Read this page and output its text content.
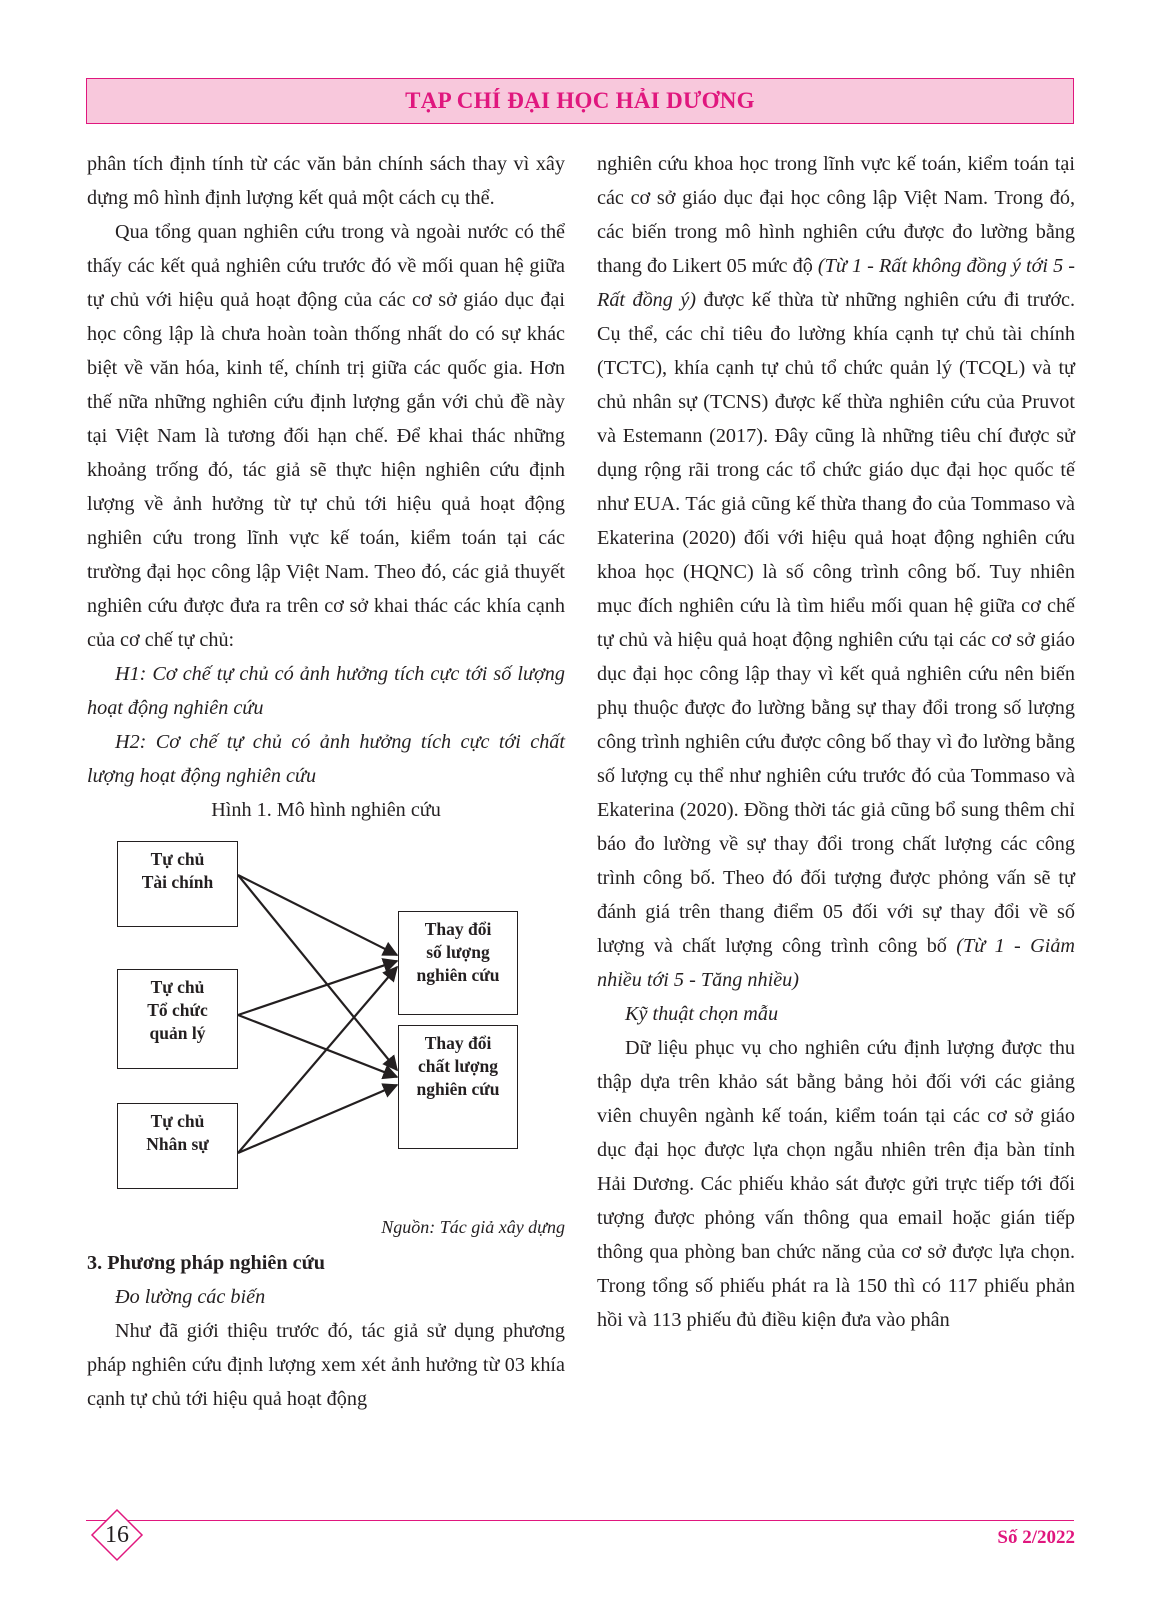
TẠP CHÍ ĐẠI HỌC HẢI DƯƠNG

phân tích định tính từ các văn bản chính sách thay vì xây dựng mô hình định lượng kết quả một cách cụ thể.

Qua tổng quan nghiên cứu trong và ngoài nước có thể thấy các kết quả nghiên cứu trước đó về mối quan hệ giữa tự chủ với hiệu quả hoạt động của các cơ sở giáo dục đại học công lập là chưa hoàn toàn thống nhất do có sự khác biệt về văn hóa, kinh tế, chính trị giữa các quốc gia. Hơn thế nữa những nghiên cứu định lượng gắn với chủ đề này tại Việt Nam là tương đối hạn chế. Để khai thác những khoảng trống đó, tác giả sẽ thực hiện nghiên cứu định lượng về ảnh hưởng từ tự chủ tới hiệu quả hoạt động nghiên cứu trong lĩnh vực kế toán, kiểm toán tại các trường đại học công lập Việt Nam. Theo đó, các giả thuyết nghiên cứu được đưa ra trên cơ sở khai thác các khía cạnh của cơ chế tự chủ:

H1: Cơ chế tự chủ có ảnh hưởng tích cực tới số lượng hoạt động nghiên cứu

H2: Cơ chế tự chủ có ảnh hưởng tích cực tới chất lượng hoạt động nghiên cứu

Hình 1. Mô hình nghiên cứu

Tự chủ
Tài chính
Tự chủ
Tổ chức
quản lý
Tự chủ
Nhân sự
Thay đổi
số lượng
nghiên cứu
Thay đổi
chất lượng
nghiên cứu

Nguồn: Tác giả xây dựng

3. Phương pháp nghiên cứu

Đo lường các biến

Như đã giới thiệu trước đó, tác giả sử dụng phương pháp nghiên cứu định lượng xem xét ảnh hưởng từ 03 khía cạnh tự chủ tới hiệu quả hoạt động

nghiên cứu khoa học trong lĩnh vực kế toán, kiểm toán tại các cơ sở giáo dục đại học công lập Việt Nam. Trong đó, các biến trong mô hình nghiên cứu được đo lường bằng thang đo Likert 05 mức độ (Từ 1 - Rất không đồng ý tới 5 - Rất đồng ý) được kế thừa từ những nghiên cứu đi trước. Cụ thể, các chỉ tiêu đo lường khía cạnh tự chủ tài chính (TCTC), khía cạnh tự chủ tổ chức quản lý (TCQL) và tự chủ nhân sự (TCNS) được kế thừa nghiên cứu của Pruvot và Estemann (2017). Đây cũng là những tiêu chí được sử dụng rộng rãi trong các tổ chức giáo dục đại học quốc tế như EUA. Tác giả cũng kế thừa thang đo của Tommaso và Ekaterina (2020) đối với hiệu quả hoạt động nghiên cứu khoa học (HQNC) là số công trình công bố. Tuy nhiên mục đích nghiên cứu là tìm hiểu mối quan hệ giữa cơ chế tự chủ và hiệu quả hoạt động nghiên cứu tại các cơ sở giáo dục đại học công lập thay vì kết quả nghiên cứu nên biến phụ thuộc được đo lường bằng sự thay đổi trong số lượng công trình nghiên cứu được công bố thay vì đo lường bằng số lượng cụ thể như nghiên cứu trước đó của Tommaso và Ekaterina (2020). Đồng thời tác giả cũng bổ sung thêm chỉ báo đo lường về sự thay đổi trong chất lượng các công trình công bố. Theo đó đối tượng được phỏng vấn sẽ tự đánh giá trên thang điểm 05 đối với sự thay đổi về số lượng và chất lượng công trình công bố (Từ 1 - Giảm nhiều tới 5 - Tăng nhiều)

Kỹ thuật chọn mẫu

Dữ liệu phục vụ cho nghiên cứu định lượng được thu thập dựa trên khảo sát bằng bảng hỏi đối với các giảng viên chuyên ngành kế toán, kiểm toán tại các cơ sở giáo dục đại học được lựa chọn ngẫu nhiên trên địa bàn tỉnh Hải Dương. Các phiếu khảo sát được gửi trực tiếp tới đối tượng được phỏng vấn thông qua email hoặc gián tiếp thông qua phòng ban chức năng của cơ sở được lựa chọn. Trong tổng số phiếu phát ra là 150 thì có 117 phiếu phản hồi và 113 phiếu đủ điều kiện đưa vào phân

16	Số 2/2022
